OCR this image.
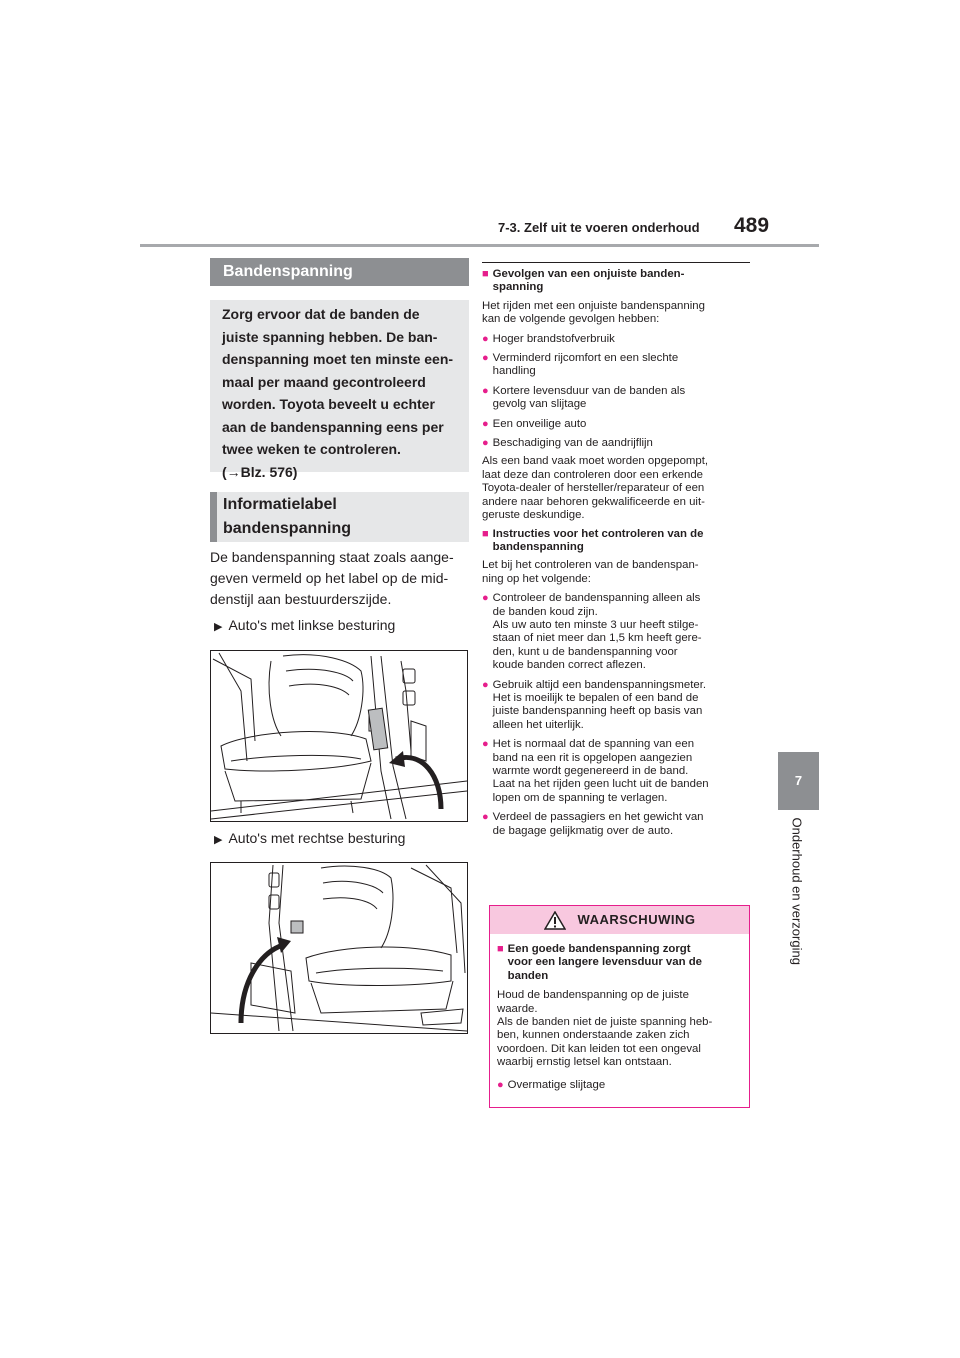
7-3. Zelf uit te voeren onderhoud 489
7
Onderhoud en verzorging
Bandenspanning
Zorg ervoor dat de banden de
juiste spanning hebben. De ban-
denspanning moet ten minste een-
maal per maand gecontroleerd
worden. Toyota beveelt u echter
aan de bandenspanning eens per
twee weken te controleren.
(→Blz. 576)
Informatielabel
bandenspanning
De bandenspanning staat zoals aange-
geven vermeld op het label op de mid-
denstijl aan bestuurderszijde.
▶ Auto's met linkse besturing
▶ Auto's met rechtse besturing
■ Gevolgen van een onjuiste banden-
spanning
Het rijden met een onjuiste bandenspanning
kan de volgende gevolgen hebben:
● Hoger brandstofverbruik
● Verminderd rijcomfort en een slechte
handling
● Kortere levensduur van de banden als
gevolg van slijtage
● Een onveilige auto
● Beschadiging van de aandrijflijn
Als een band vaak moet worden opgepompt,
laat deze dan controleren door een erkende
Toyota-dealer of hersteller/reparateur of een
andere naar behoren gekwalificeerde en uit-
geruste deskundige.
■ Instructies voor het controleren van de
bandenspanning
Let bij het controleren van de bandenspan-
ning op het volgende:
● Controleer de bandenspanning alleen als
de banden koud zijn.
Als uw auto ten minste 3 uur heeft stilge-
staan of niet meer dan 1,5 km heeft gere-
den, kunt u de bandenspanning voor
koude banden correct aflezen.
● Gebruik altijd een bandenspanningsmeter.
Het is moeilijk te bepalen of een band de
juiste bandenspanning heeft op basis van
alleen het uiterlijk.
● Het is normaal dat de spanning van een
band na een rit is opgelopen aangezien
warmte wordt gegenereerd in de band.
Laat na het rijden geen lucht uit de banden
lopen om de spanning te verlagen.
● Verdeel de passagiers en het gewicht van
de bagage gelijkmatig over de auto.
WAARSCHUWING
■ Een goede bandenspanning zorgt
voor een langere levensduur van de
banden
Houd de bandenspanning op de juiste
waarde.
Als de banden niet de juiste spanning heb-
ben, kunnen onderstaande zaken zich
voordoen. Dit kan leiden tot een ongeval
waarbij ernstig letsel kan ontstaan.
● Overmatige slijtage
